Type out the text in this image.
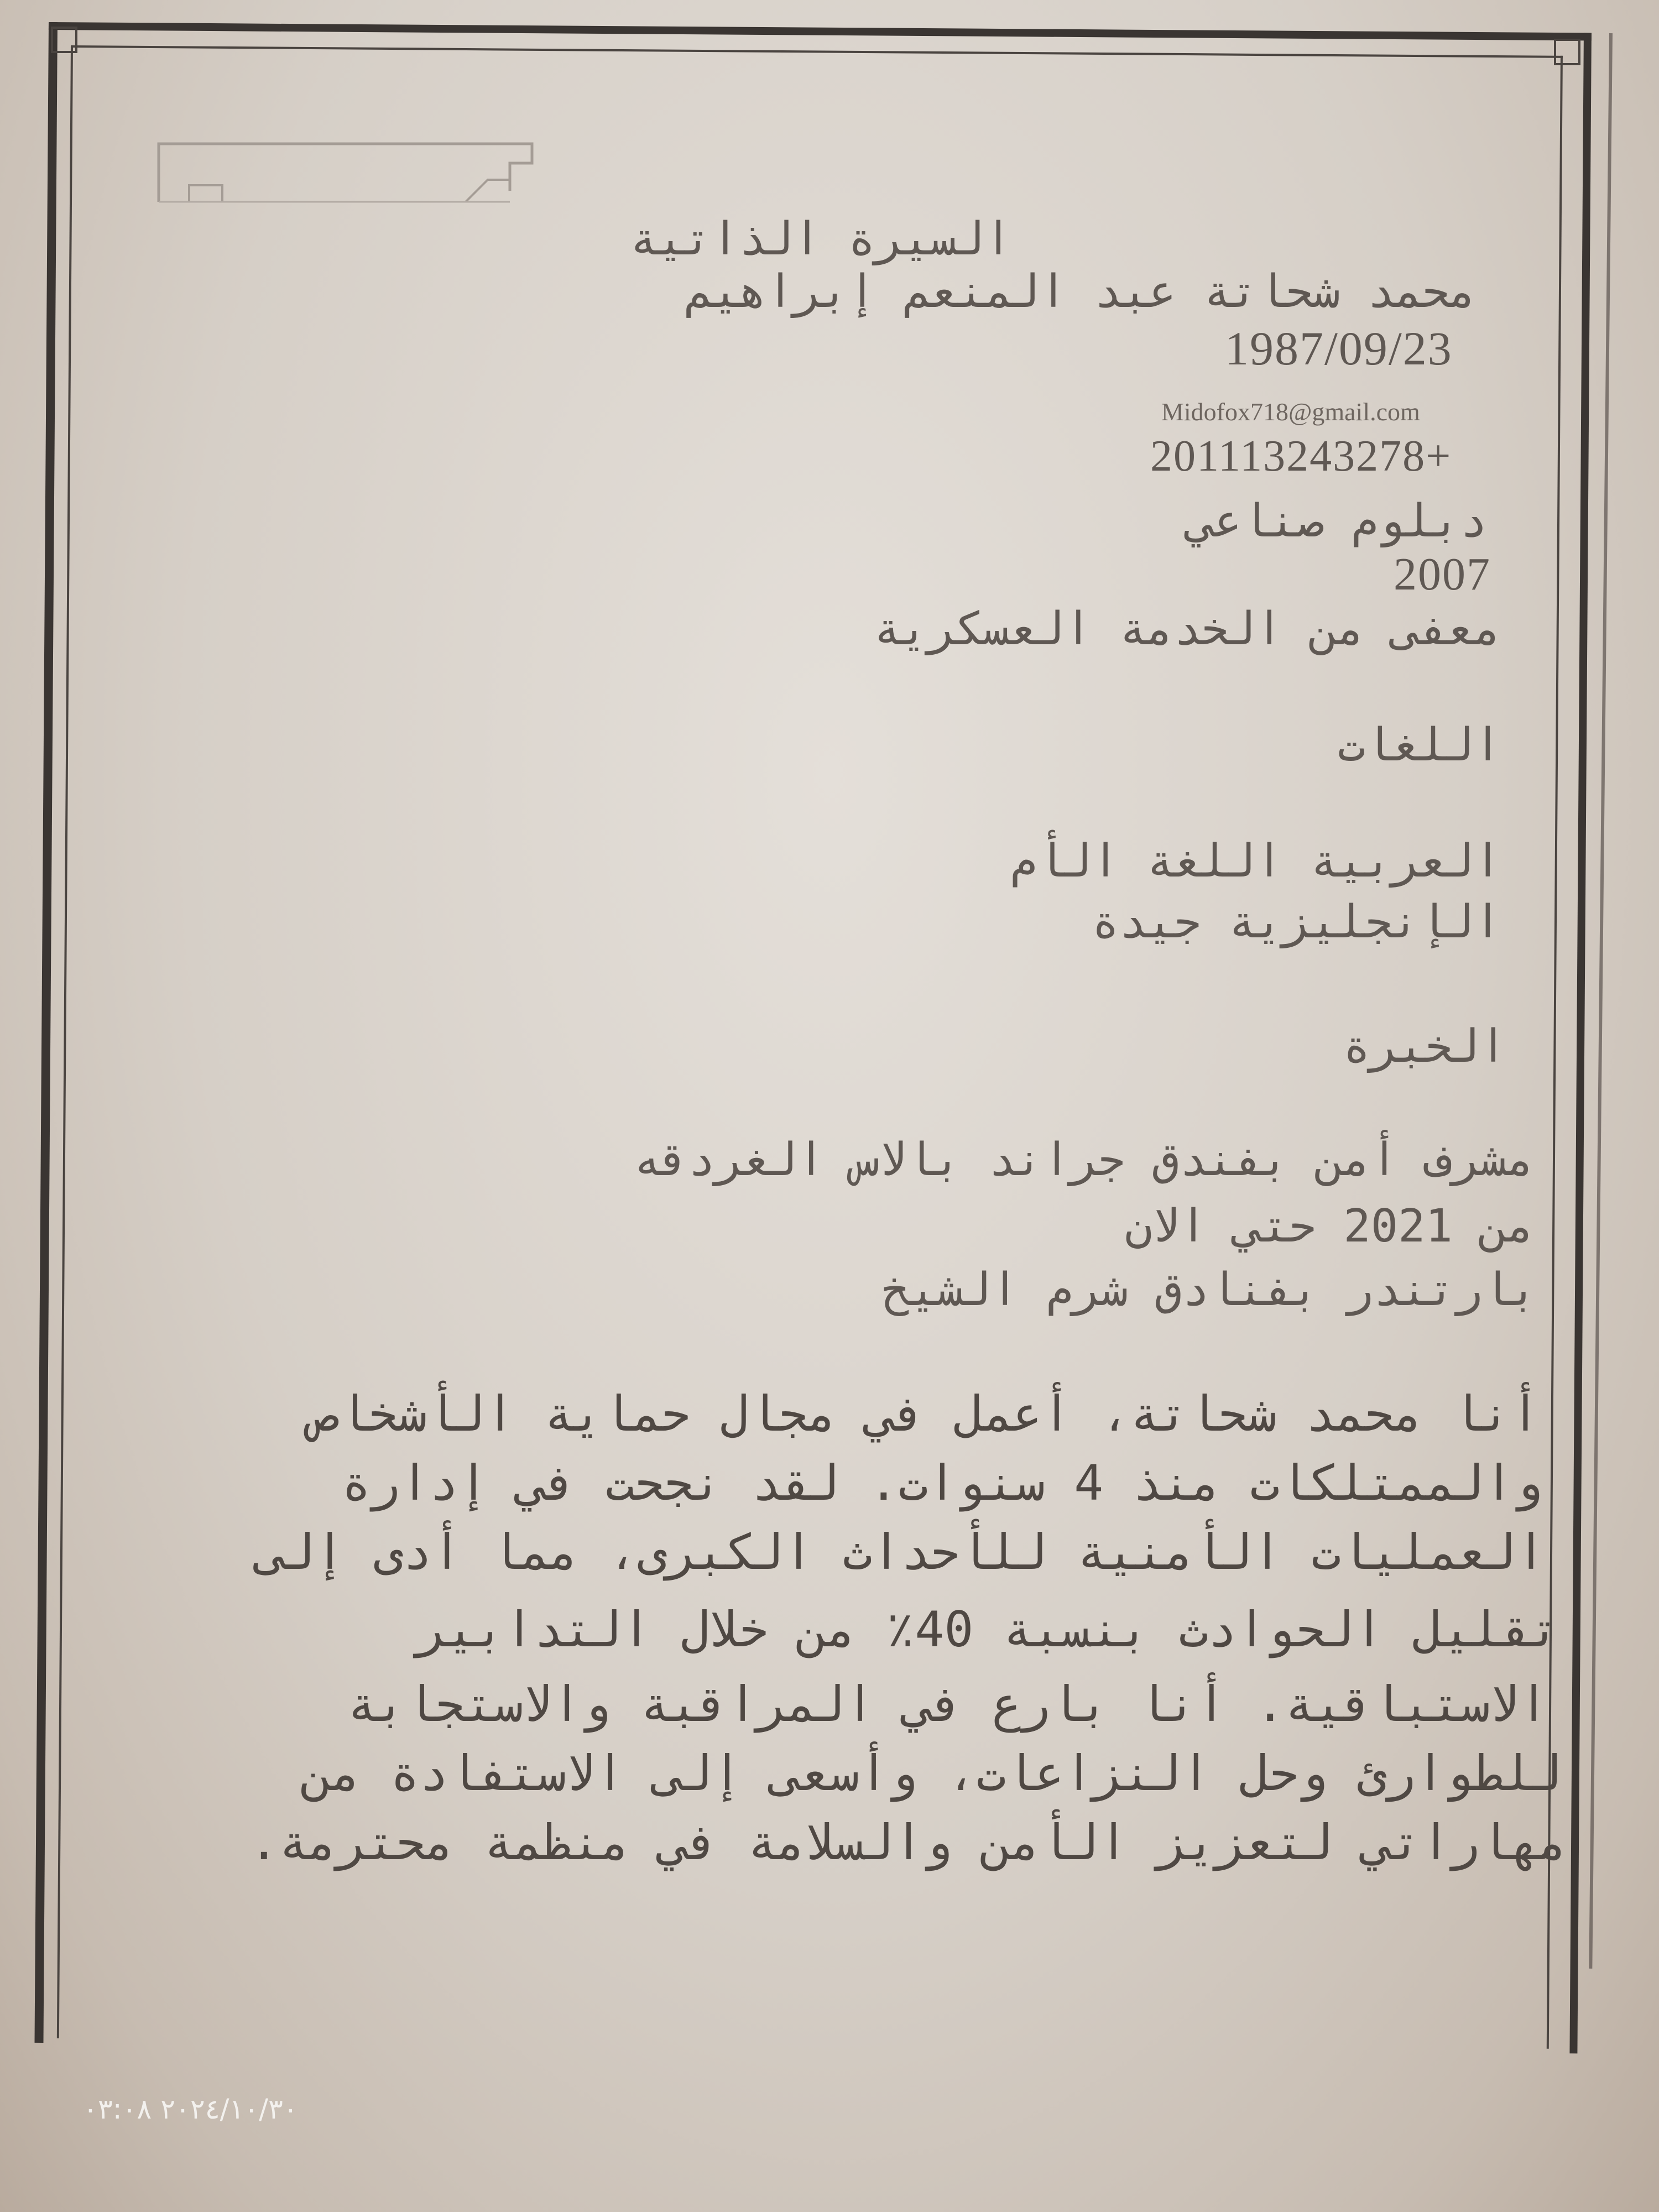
السيرة الذاتية
محمد شحاتة عبد المنعم إبراهيم
1987/09/23
Midofox718@gmail.com
201113243278+
دبلوم صناعي
2007
معفى من الخدمة العسكرية
اللغات
العربية اللغة الأم
الإنجليزية جيدة
الخبرة
مشرف أمن بفندق جراند بالاس الغردقه
من 2021 حتي الان
بارتندر بفنادق شرم الشيخ
أنا محمد شحاتة، أعمل في مجال حماية الأشخاص
والممتلكات منذ 4 سنوات. لقد نجحت في إدارة
العمليات الأمنية للأحداث الكبرى، مما أدى إلى
تقليل الحوادث بنسبة 40٪ من خلال التدابير
الاستباقية. أنا بارع في المراقبة والاستجابة
للطوارئ وحل النزاعات، وأسعى إلى الاستفادة من
مهاراتي لتعزيز الأمن والسلامة في منظمة محترمة.
٢٠٢٤/١٠/٣٠ ٠٣:٠٨
